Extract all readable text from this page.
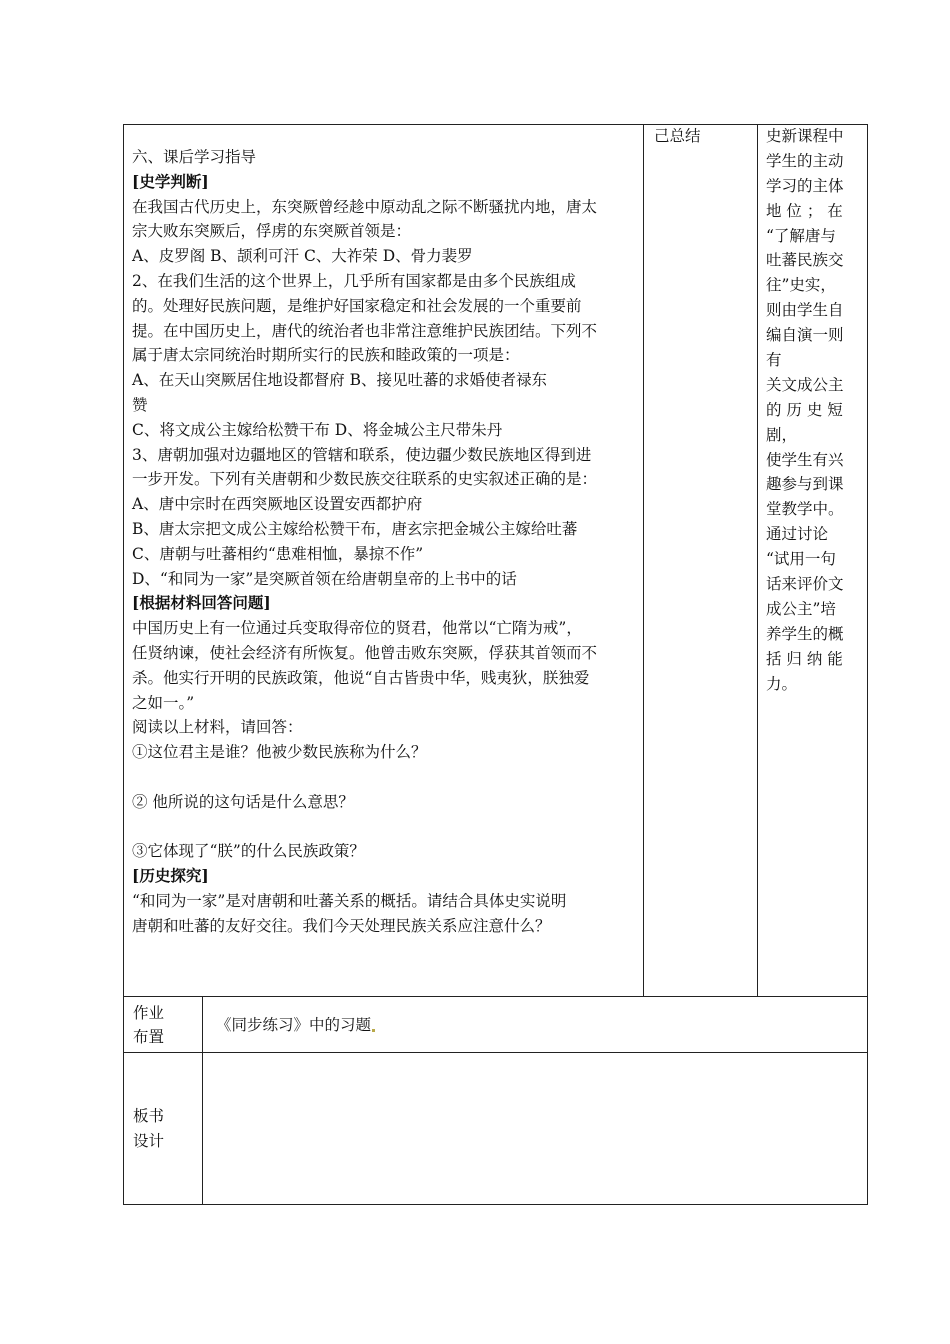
六、课后学习指导
[史学判断]
在我国古代历史上，东突厥曾经趁中原动乱之际不断骚扰内地，唐太
宗大败东突厥后，俘虏的东突厥首领是：
A、皮罗阁 B、颉利可汗 C、大祚荣 D、骨力裴罗
2、在我们生活的这个世界上，几乎所有国家都是由多个民族组成
的。处理好民族问题，是维护好国家稳定和社会发展的一个重要前
提。在中国历史上，唐代的统治者也非常注意维护民族团结。下列不
属于唐太宗同统治时期所实行的民族和睦政策的一项是：
A、在天山突厥居住地设都督府 B、接见吐蕃的求婚使者禄东
赞
C、将文成公主嫁给松赞干布 D、将金城公主尺带朱丹
3、唐朝加强对边疆地区的管辖和联系，使边疆少数民族地区得到进
一步开发。下列有关唐朝和少数民族交往联系的史实叙述正确的是：
A、唐中宗时在西突厥地区设置安西都护府
B、唐太宗把文成公主嫁给松赞干布，唐玄宗把金城公主嫁给吐蕃
C、唐朝与吐蕃相约“患难相恤，暴掠不作”
D、“和同为一家”是突厥首领在给唐朝皇帝的上书中的话
[根据材料回答问题]
中国历史上有一位通过兵变取得帝位的贤君，他常以“亡隋为戒”，
任贤纳谏，使社会经济有所恢复。他曾击败东突厥，俘获其首领而不
杀。他实行开明的民族政策，他说“自古皆贵中华，贱夷狄，朕独爱
之如一。”
阅读以上材料，请回答：
①这位君主是谁？他被少数民族称为什么？
② 他所说的这句话是什么意思？
③它体现了“朕”的什么民族政策？
[历史探究]
“和同为一家”是对唐朝和吐蕃关系的概括。请结合具体史实说明
唐朝和吐蕃的友好交往。我们今天处理民族关系应注意什么？
己总结	史新课程中
学生的主动
学习的主体
地 位 ； 在
“了解唐与
吐蕃民族交
往”史实，
则由学生自
编自演一则
有
关文成公主
的 历 史 短
剧，
使学生有兴
趣参与到课
堂教学中。
通过讨论
“试用一句
话来评价文
成公主”培
养学生的概
括 归 纳 能
力。
作业
布置
《同步练习》中的习题
板书
设计
